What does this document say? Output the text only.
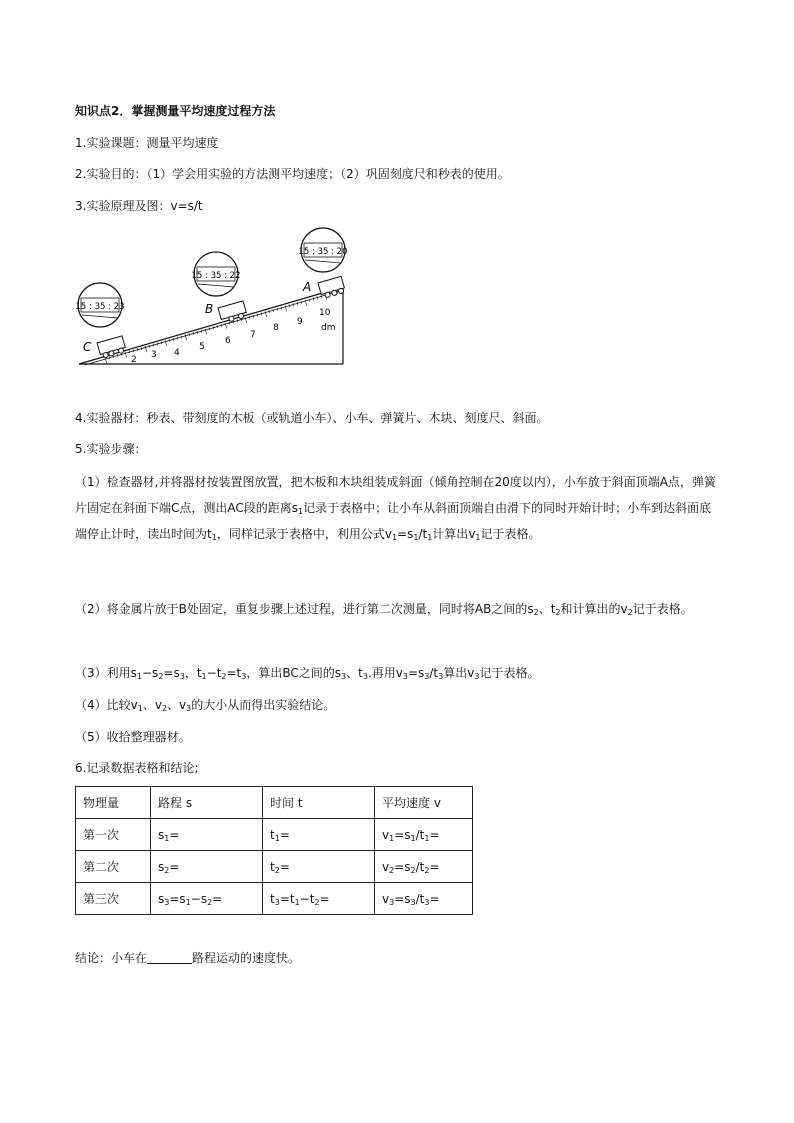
知识点2．掌握测量平均速度过程方法
1.实验课题：测量平均速度
2.实验目的：（1）学会用实验的方法测平均速度；（2）巩固刻度尺和秒表的使用。
3.实验原理及图：v=s/t
2 3 4
5
6
7
8
9
10
dm
C
B
A
15 : 35 : 23
15 : 35 : 22
15 : 35 : 20
4.实验器材：秒表、带刻度的木板（或轨道小车）、小车、弹簧片、木块、刻度尺、斜面。
5.实验步骤：
（1）检查器材,并将器材按装置图放置，把木板和木块组装成斜面（倾角控制在20度以内），小车放于斜面顶端A点，弹簧片固定在斜面下端C点，测出AC段的距离$s_1$记录于表格中；让小车从斜面顶端自由滑下的同时开始计时；小车到达斜面底端停止计时，读出时间为$t_1$，同样记录于表格中，利用公式$v_1=s_1/t_1$计算出$v_1$记于表格。
（2）将金属片放于B处固定，重复步骤上述过程，进行第二次测量，同时将AB之间的$s_2$、$t_2$和计算出的$v_2$记于表格。
（3）利用$s_1-s_2=s_3$，$t_1-t_2=t_3$，算出BC之间的$s_3$、$t_3$.再用$v_3=s_3/t_3$算出$v_3$记于表格。
（4）比较$v_1$、$v_2$、$v_3$的大小从而得出实验结论。
（5）收拾整理器材。
6.记录数据表格和结论;
物理量	路程 s	时间 t	平均速度 v
第一次	$s_1=$	$t_1=$	$v_1=s_1/t_1=$
第二次	$s_2=$	$t_2=$	$v_2=s_2/t_2=$
第三次	$s_3=s_1-s_2=$	$t_3=t_1-t_2=$	$v_3=s_3/t_3=$
结论：小车在	路程运动的速度快。
